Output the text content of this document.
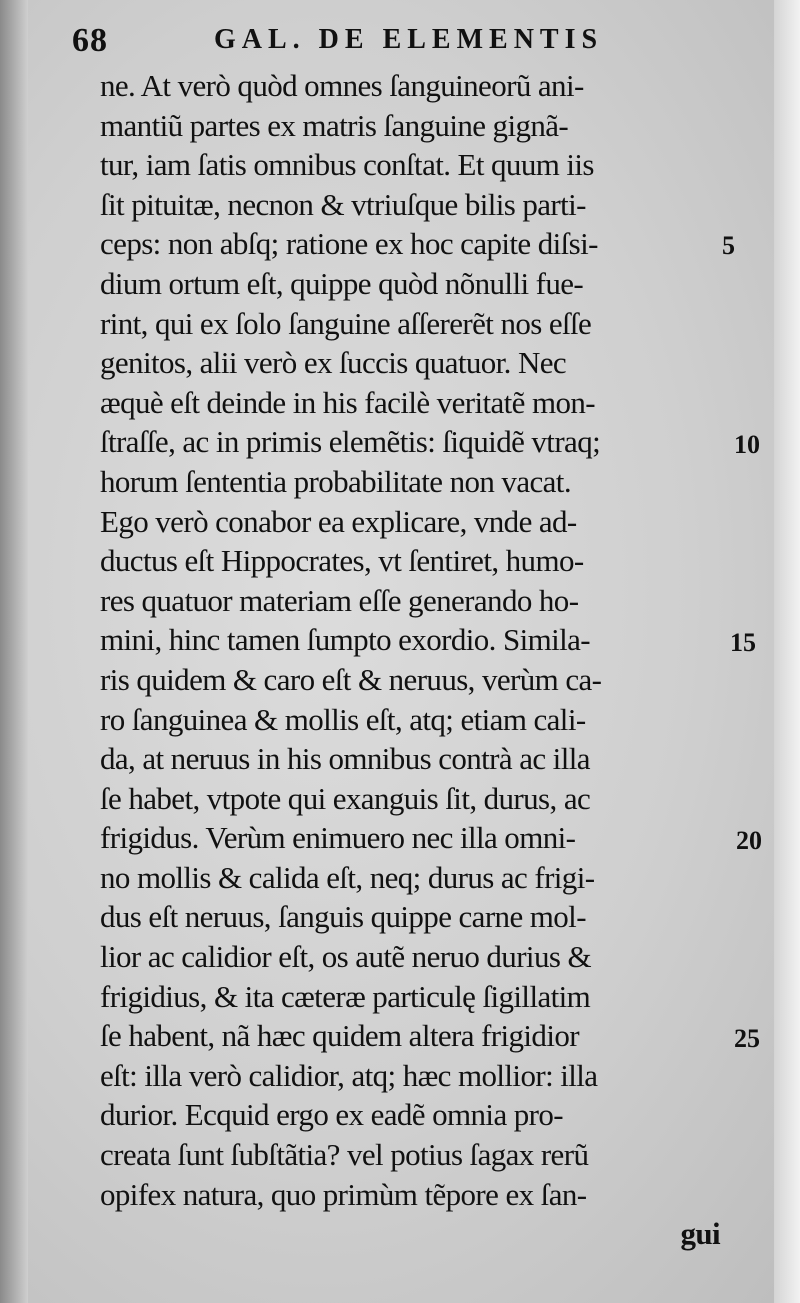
68	GAL. DE ELEMENTIS
ne. At verò quòd omnes ſanguineorũ ani-
mantiũ partes ex matris ſanguine gignã-
tur, iam ſatis omnibus conſtat. Et quum iis
ſit pituitæ, necnon & vtriuſque bilis parti-
ceps: non abſq; ratione ex hoc capite diſsi-
dium ortum eſt, quippe quòd nõnulli fue-
rint, qui ex ſolo ſanguine aſſererẽt nos eſſe
genitos, alii verò ex ſuccis quatuor. Nec
æquè eſt deinde in his facilè veritatẽ mon-
ſtraſſe, ac in primis elemẽtis: ſiquidẽ vtraq;
horum ſententia probabilitate non vacat.
Ego verò conabor ea explicare, vnde ad-
ductus eſt Hippocrates, vt ſentiret, humo-
res quatuor materiam eſſe generando ho-
mini, hinc tamen ſumpto exordio. Simila-
ris quidem & caro eſt & neruus, verùm ca-
ro ſanguinea & mollis eſt, atq; etiam cali-
da, at neruus in his omnibus contrà ac illa
ſe habet, vtpote qui exanguis ſit, durus, ac
frigidus. Verùm enimuero nec illa omni-
no mollis & calida eſt, neq; durus ac frigi-
dus eſt neruus, ſanguis quippe carne mol-
lior ac calidior eſt, os autẽ neruo durius &
frigidius, & ita cæteræ particulę ſigillatim
ſe habent, nã hæc quidem altera frigidior
eſt: illa verò calidior, atq; hæc mollior: illa
durior. Ecquid ergo ex eadẽ omnia pro-
creata ſunt ſubſtãtia? vel potius ſagax rerũ
opifex natura, quo primùm tẽpore ex ſan-
gui
5
10
15
20
25
